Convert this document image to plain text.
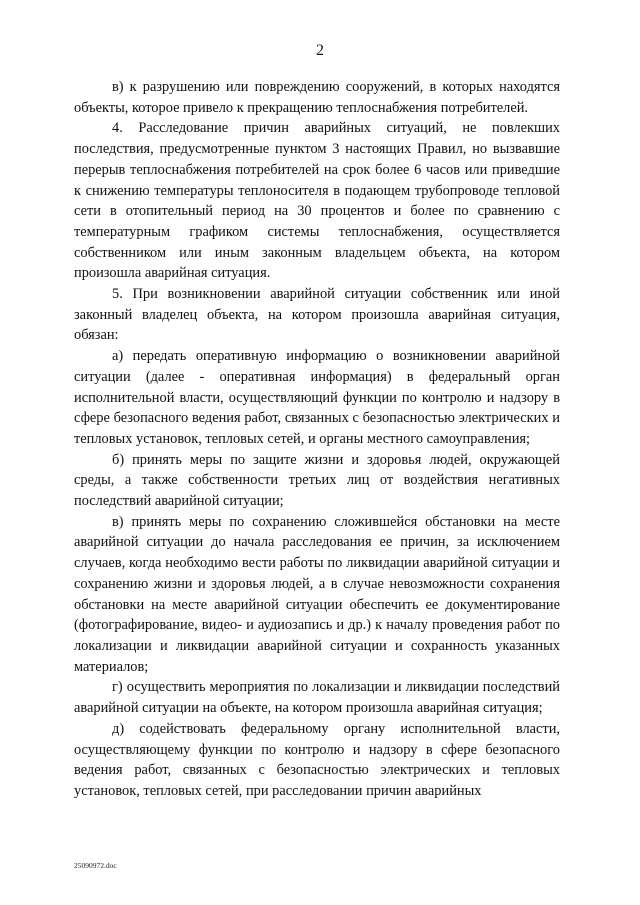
2

в) к разрушению или повреждению сооружений, в которых находятся объекты, которое привело к прекращению теплоснабжения потребителей.

4. Расследование причин аварийных ситуаций, не повлекших последствия, предусмотренные пунктом 3 настоящих Правил, но вызвавшие перерыв теплоснабжения потребителей на срок более 6 часов или приведшие к снижению температуры теплоносителя в подающем трубопроводе тепловой сети в отопительный период на 30 процентов и более по сравнению с температурным графиком системы теплоснабжения, осуществляется собственником или иным законным владельцем объекта, на котором произошла аварийная ситуация.

5. При возникновении аварийной ситуации собственник или иной законный владелец объекта, на котором произошла аварийная ситуация, обязан:

а) передать оперативную информацию о возникновении аварийной ситуации (далее - оперативная информация) в федеральный орган исполнительной власти, осуществляющий функции по контролю и надзору в сфере безопасного ведения работ, связанных с безопасностью электрических и тепловых установок, тепловых сетей, и органы местного самоуправления;

б) принять меры по защите жизни и здоровья людей, окружающей среды, а также собственности третьих лиц от воздействия негативных последствий аварийной ситуации;

в) принять меры по сохранению сложившейся обстановки на месте аварийной ситуации до начала расследования ее причин, за исключением случаев, когда необходимо вести работы по ликвидации аварийной ситуации и сохранению жизни и здоровья людей, а в случае невозможности сохранения обстановки на месте аварийной ситуации обеспечить ее документирование (фотографирование, видео- и аудиозапись и др.) к началу проведения работ по локализации и ликвидации аварийной ситуации и сохранность указанных материалов;

г) осуществить мероприятия по локализации и ликвидации последствий аварийной ситуации на объекте, на котором произошла аварийная ситуация;

д) содействовать федеральному органу исполнительной власти, осуществляющему функции по контролю и надзору в сфере безопасного ведения работ, связанных с безопасностью электрических и тепловых установок, тепловых сетей, при расследовании причин аварийных

25090972.doc
